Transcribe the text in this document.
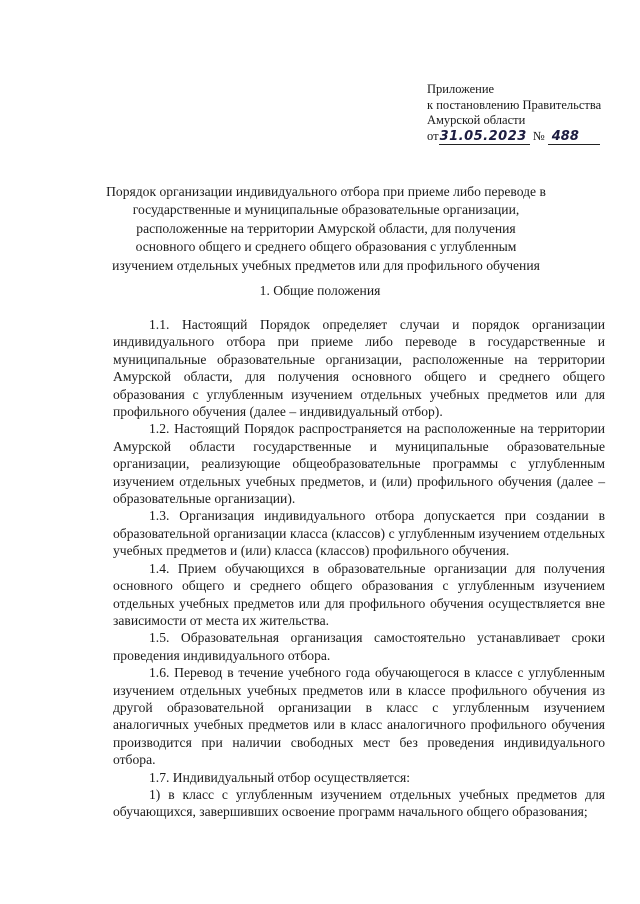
Приложение
к постановлению Правительства
Амурской области
от31.05.2023 № 488
Порядок организации индивидуального отбора при приеме либо переводе в государственные и муниципальные образовательные организации, расположенные на территории Амурской области, для получения основного общего и среднего общего образования с углубленным изучением отдельных учебных предметов или для профильного обучения
1. Общие положения

1.1. Настоящий Порядок определяет случаи и порядок организации индивидуального отбора при приеме либо переводе в государственные и муниципальные образовательные организации, расположенные на территории Амурской области, для получения основного общего и среднего общего образования с углубленным изучением отдельных учебных предметов или для профильного обучения (далее – индивидуальный отбор).

1.2. Настоящий Порядок распространяется на расположенные на территории Амурской области государственные и муниципальные образовательные организации, реализующие общеобразовательные программы с углубленным изучением отдельных учебных предметов, и (или) профильного обучения (далее – образовательные организации).

1.3. Организация индивидуального отбора допускается при создании в образовательной организации класса (классов) с углубленным изучением отдельных учебных предметов и (или) класса (классов) профильного обучения.

1.4. Прием обучающихся в образовательные организации для получения основного общего и среднего общего образования с углубленным изучением отдельных учебных предметов или для профильного обучения осуществляется вне зависимости от места их жительства.

1.5. Образовательная организация самостоятельно устанавливает сроки проведения индивидуального отбора.

1.6. Перевод в течение учебного года обучающегося в классе с углубленным изучением отдельных учебных предметов или в классе профильного обучения из другой образовательной организации в класс с углубленным изучением аналогичных учебных предметов или в класс аналогичного профильного обучения производится при наличии свободных мест без проведения индивидуального отбора.

1.7. Индивидуальный отбор осуществляется:

1) в класс с углубленным изучением отдельных учебных предметов для обучающихся, завершивших освоение программ начального общего образования;
